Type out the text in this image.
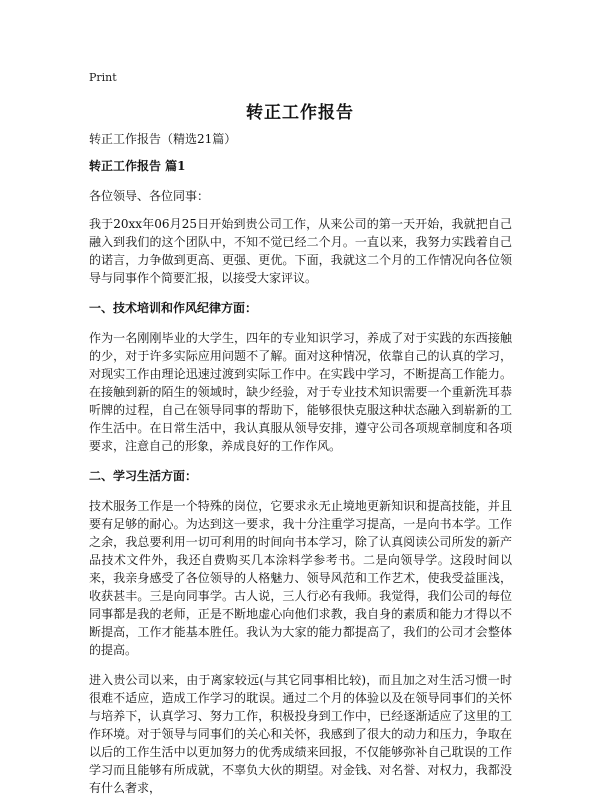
Print
转正工作报告

转正工作报告（精选21篇）

转正工作报告 篇1

各位领导、各位同事：

我于20xx年06月25日开始到贵公司工作，从来公司的第一天开始，我就把自己融入到我们的这个团队中，不知不觉已经二个月。一直以来，我努力实践着自己的诺言，力争做到更高、更强、更优。下面，我就这二个月的工作情况向各位领导与同事作个简要汇报，以接受大家评议。

一、技术培训和作风纪律方面：

作为一名刚刚毕业的大学生，四年的专业知识学习，养成了对于实践的东西接触的少，对于许多实际应用问题不了解。面对这种情况，依靠自己的认真的学习，对现实工作由理论迅速过渡到实际工作中。在实践中学习，不断提高工作能力。在接触到新的陌生的领域时，缺少经验，对于专业技术知识需要一个重新洗耳恭听牌的过程，自己在领导同事的帮助下，能够很快克服这种状态融入到崭新的工作生活中。在日常生活中，我认真服从领导安排，遵守公司各项规章制度和各项要求，注意自己的形象，养成良好的工作作风。

二、学习生活方面：

技术服务工作是一个特殊的岗位，它要求永无止境地更新知识和提高技能，并且要有足够的耐心。为达到这一要求，我十分注重学习提高，一是向书本学。工作之余，我总要利用一切可利用的时间向书本学习，除了认真阅读公司所发的新产品技术文件外，我还自费购买几本涂料学参考书。二是向领导学。这段时间以来，我亲身感受了各位领导的人格魅力、领导风范和工作艺术，使我受益匪浅，收获甚丰。三是向同事学。古人说，三人行必有我师。我觉得，我们公司的每位同事都是我的老师，正是不断地虚心向他们求教，我自身的素质和能力才得以不断提高，工作才能基本胜任。我认为大家的能力都提高了，我们的公司才会整体的提高。

进入贵公司以来，由于离家较远(与其它同事相比较)，而且加之对生活习惯一时很难不适应，造成工作学习的耽误。通过二个月的体验以及在领导同事们的关怀与培养下，认真学习、努力工作，积极投身到工作中，已经逐渐适应了这里的工作环境。对于领导与同事们的关心和关怀，我感到了很大的动力和压力，争取在以后的工作生活中以更加努力的优秀成绩来回报，不仅能够弥补自己耽误的工作学习而且能够有所成就，不辜负大伙的期望。对金钱、对名誉、对权力，我都没有什么奢求，
